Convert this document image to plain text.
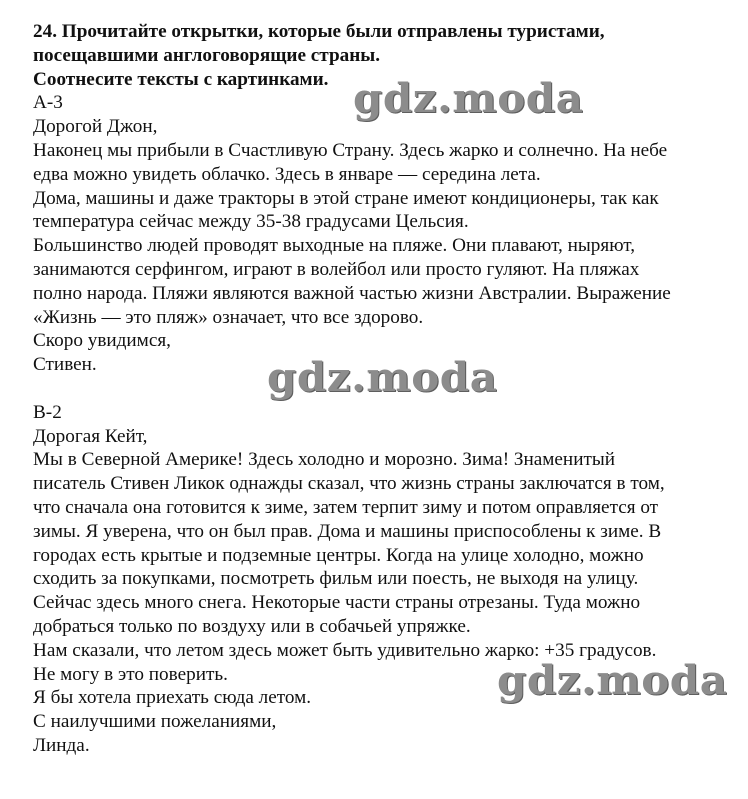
24. Прочитайте открытки, которые были отправлены туристами,
посещавшими англоговорящие страны.
Соотнесите тексты с картинками.
А-3
Дорогой Джон,
Наконец мы прибыли в Счастливую Страну. Здесь жарко и солнечно. На небе
едва можно увидеть облачко. Здесь в январе — середина лета.
Дома, машины и даже тракторы в этой стране имеют кондиционеры, так как
температура сейчас между 35-38 градусами Цельсия.
Большинство людей проводят выходные на пляже. Они плавают, ныряют,
занимаются серфингом, играют в волейбол или просто гуляют. На пляжах
полно народа. Пляжи являются важной частью жизни Австралии. Выражение
«Жизнь — это пляж» означает, что все здорово.
Скоро увидимся,
Стивен.

В-2
Дорогая Кейт,
Мы в Северной Америке! Здесь холодно и морозно. Зима! Знаменитый
писатель Стивен Ликок однажды сказал, что жизнь страны заключатся в том,
что сначала она готовится к зиме, затем терпит зиму и потом оправляется от
зимы. Я уверена, что он был прав. Дома и машины приспособлены к зиме. В
городах есть крытые и подземные центры. Когда на улице холодно, можно
сходить за покупками, посмотреть фильм или поесть, не выходя на улицу.
Сейчас здесь много снега. Некоторые части страны отрезаны. Туда можно
добраться только по воздуху или в собачьей упряжке.
Нам сказали, что летом здесь может быть удивительно жарко: +35 градусов.
Не могу в это поверить.
Я бы хотела приехать сюда летом.
С наилучшими пожеланиями,
Линда.
gdz.moda
gdz.moda
gdz.moda
